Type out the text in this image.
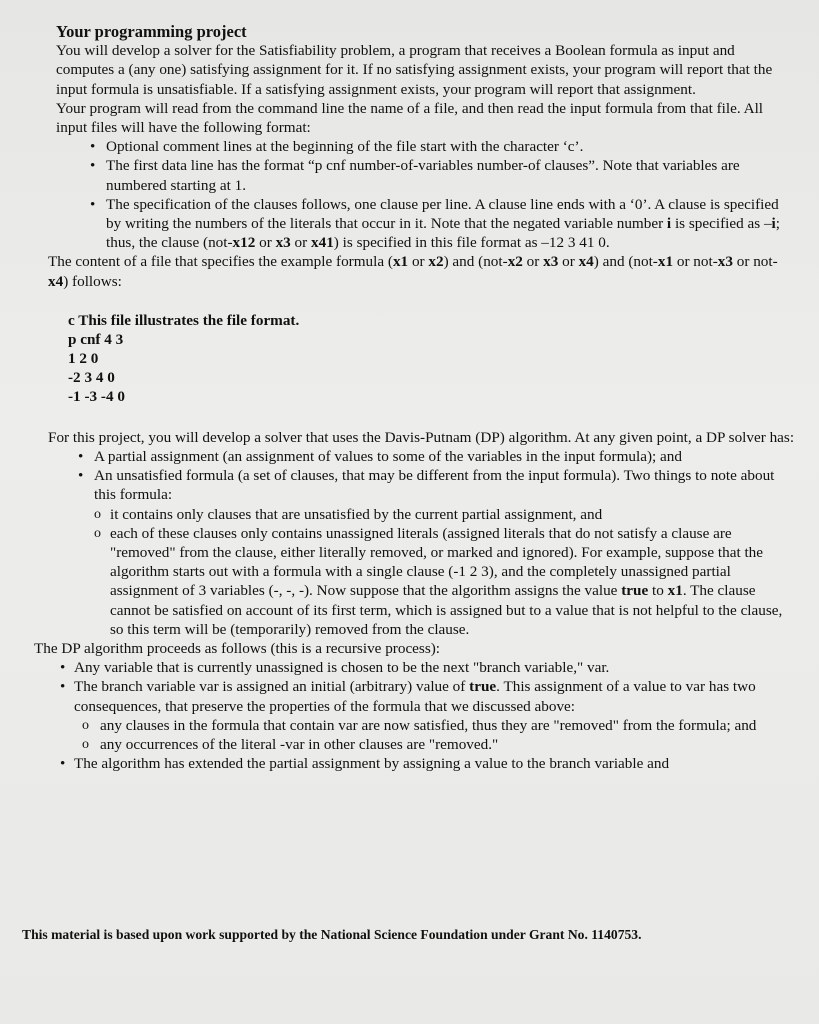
Your programming project
You will develop a solver for the Satisfiability problem, a program that receives a Boolean formula as input and computes a (any one) satisfying assignment for it. If no satisfying assignment exists, your program will report that the input formula is unsatisfiable. If a satisfying assignment exists, your program will report that assignment.
Your program will read from the command line the name of a file, and then read the input formula from that file. All input files will have the following format:
• Optional comment lines at the beginning of the file start with the character ‘c’.
• The first data line has the format “p cnf number-of-variables number-of clauses”. Note that variables are numbered starting at 1.
• The specification of the clauses follows, one clause per line. A clause line ends with a ‘0’. A clause is specified by writing the numbers of the literals that occur in it. Note that the negated variable number i is specified as –i; thus, the clause (not-x12 or x3 or x41) is specified in this file format as –12 3 41 0.
The content of a file that specifies the example formula (x1 or x2) and (not-x2 or x3 or x4) and (not-x1 or not-x3 or not-x4) follows:
c This file illustrates the file format.
p cnf 4 3
1 2 0
-2 3 4 0
-1 -3 -4 0
For this project, you will develop a solver that uses the Davis-Putnam (DP) algorithm. At any given point, a DP solver has:
• A partial assignment (an assignment of values to some of the variables in the input formula); and
• An unsatisfied formula (a set of clauses, that may be different from the input formula). Two things to note about this formula:
o it contains only clauses that are unsatisfied by the current partial assignment, and
o each of these clauses only contains unassigned literals (assigned literals that do not satisfy a clause are "removed" from the clause, either literally removed, or marked and ignored). For example, suppose that the algorithm starts out with a formula with a single clause (-1 2 3), and the completely unassigned partial assignment of 3 variables (-, -, -). Now suppose that the algorithm assigns the value true to x1. The clause cannot be satisfied on account of its first term, which is assigned but to a value that is not helpful to the clause, so this term will be (temporarily) removed from the clause.
The DP algorithm proceeds as follows (this is a recursive process):
• Any variable that is currently unassigned is chosen to be the next "branch variable," var.
• The branch variable var is assigned an initial (arbitrary) value of true. This assignment of a value to var has two consequences, that preserve the properties of the formula that we discussed above:
o any clauses in the formula that contain var are now satisfied, thus they are "removed" from the formula; and
o any occurrences of the literal -var in other clauses are "removed."
• The algorithm has extended the partial assignment by assigning a value to the branch variable and
This material is based upon work supported by the National Science Foundation under Grant No. 1140753.
